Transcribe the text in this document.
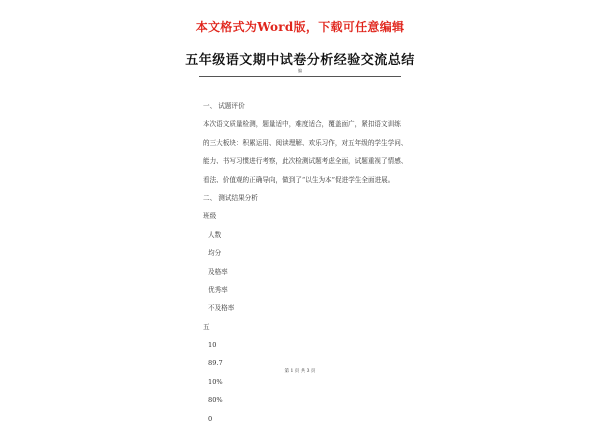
本文格式为Word版，下载可任意编辑
五年级语文期中试卷分析经验交流总结
编
一、 试题评价
本次语文质量检测，题量适中，难度适合，覆盖面广，紧扣语文训练
的三大板块：积累运用、阅读理解、欢乐习作，对五年级的学生学问、
能力、书写习惯进行考察，此次检测试题考虑全面，试题重视了情感、
看法、价值观的正确导向，做到了“以生为本”促进学生全面进展。
二、 测试结果分析
班级
人数
均分
及格率
优秀率
不及格率
五
10
89.7
10%
80%
0
第 1 页 共 3 页
